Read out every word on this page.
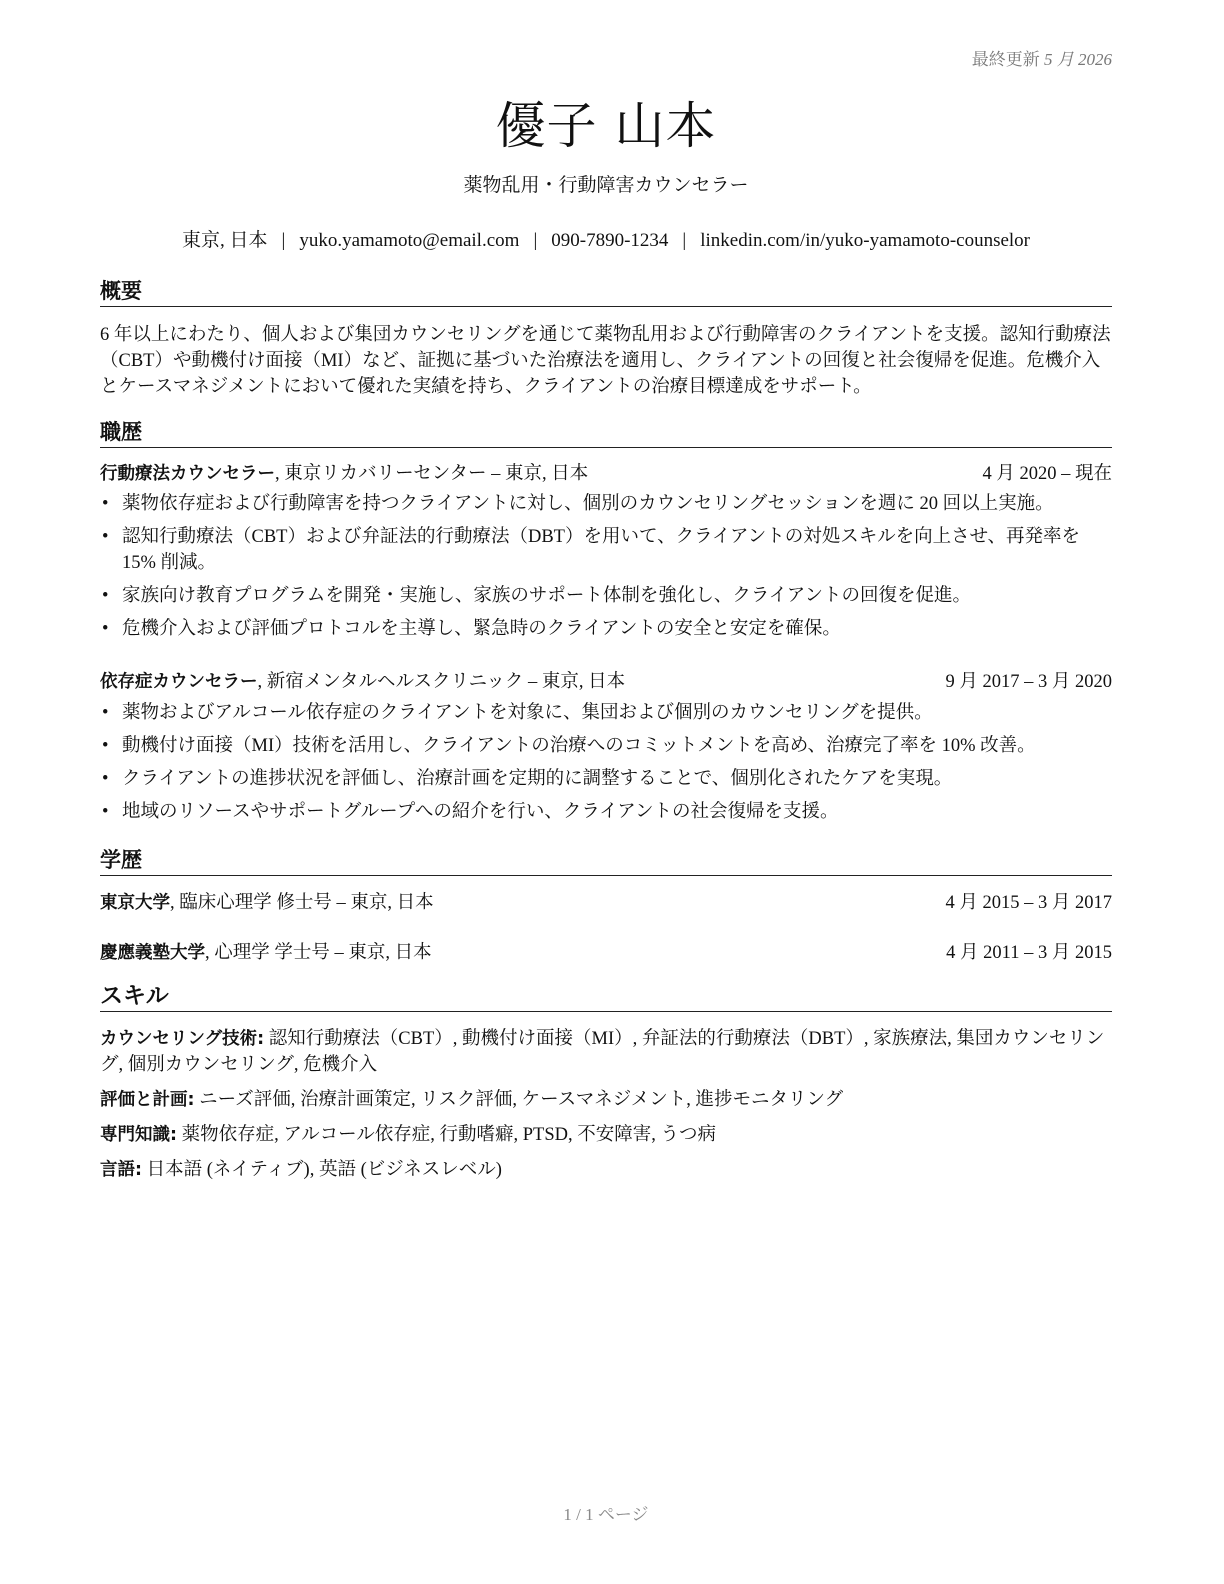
最終更新 5 月 2026
優子 山本
薬物乱用・行動障害カウンセラー
東京, 日本 | yuko.yamamoto@email.com | 090-7890-1234 | linkedin.com/in/yuko-yamamoto-counselor
概要
6 年以上にわたり、個人および集団カウンセリングを通じて薬物乱用および行動障害のクライアントを支援。認知行動療法（CBT）や動機付け面接（MI）など、証拠に基づいた治療法を適用し、クライアントの回復と社会復帰を促進。危機介入とケースマネジメントにおいて優れた実績を持ち、クライアントの治療目標達成をサポート。
職歴
行動療法カウンセラー, 東京リカバリーセンター – 東京, 日本	4 月 2020 – 現在
• 薬物依存症および行動障害を持つクライアントに対し、個別のカウンセリングセッションを週に 20 回以上実施。
• 認知行動療法（CBT）および弁証法的行動療法（DBT）を用いて、クライアントの対処スキルを向上させ、再発率を 15% 削減。
• 家族向け教育プログラムを開発・実施し、家族のサポート体制を強化し、クライアントの回復を促進。
• 危機介入および評価プロトコルを主導し、緊急時のクライアントの安全と安定を確保。
依存症カウンセラー, 新宿メンタルヘルスクリニック – 東京, 日本	9 月 2017 – 3 月 2020
• 薬物およびアルコール依存症のクライアントを対象に、集団および個別のカウンセリングを提供。
• 動機付け面接（MI）技術を活用し、クライアントの治療へのコミットメントを高め、治療完了率を 10% 改善。
• クライアントの進捗状況を評価し、治療計画を定期的に調整することで、個別化されたケアを実現。
• 地域のリソースやサポートグループへの紹介を行い、クライアントの社会復帰を支援。
学歴
東京大学, 臨床心理学 修士号 – 東京, 日本	4 月 2015 – 3 月 2017
慶應義塾大学, 心理学 学士号 – 東京, 日本	4 月 2011 – 3 月 2015
スキル
カウンセリング技術: 認知行動療法（CBT）, 動機付け面接（MI）, 弁証法的行動療法（DBT）, 家族療法, 集団カウンセリング, 個別カウンセリング, 危機介入
評価と計画: ニーズ評価, 治療計画策定, リスク評価, ケースマネジメント, 進捗モニタリング
専門知識: 薬物依存症, アルコール依存症, 行動嗜癖, PTSD, 不安障害, うつ病
言語: 日本語 (ネイティブ), 英語 (ビジネスレベル)
1 / 1 ページ
